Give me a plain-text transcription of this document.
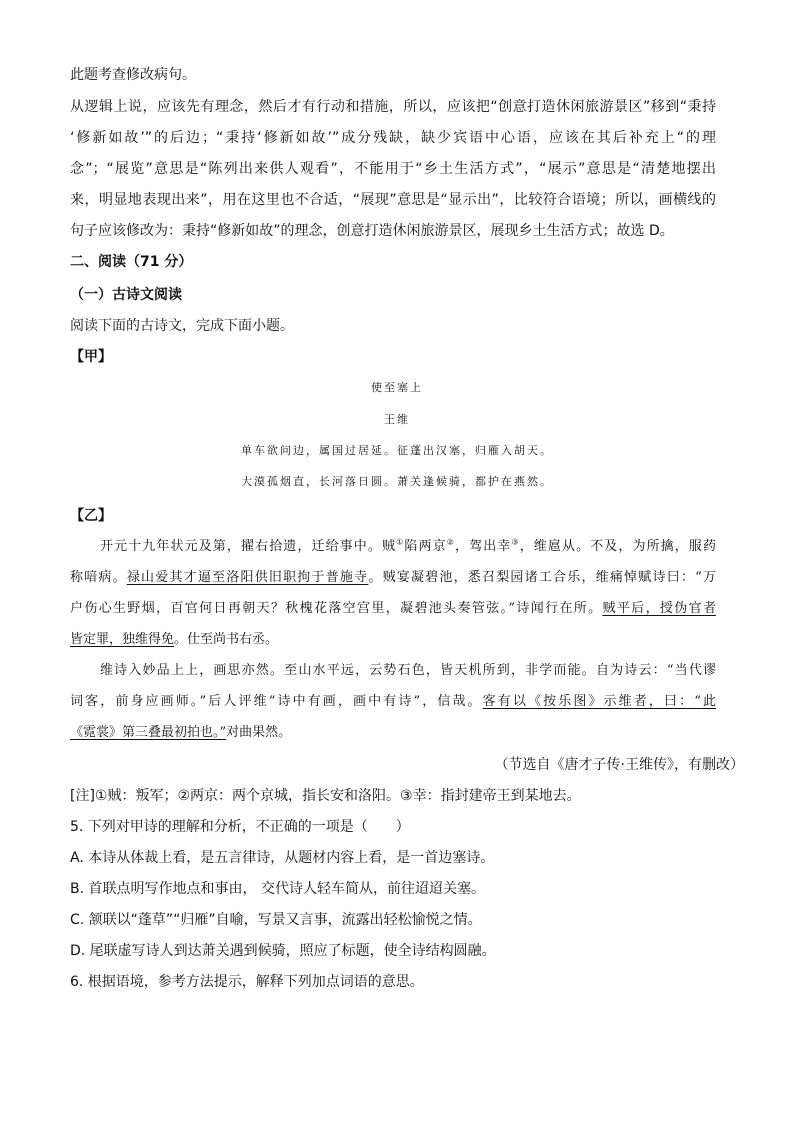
此题考查修改病句。
从逻辑上说，应该先有理念，然后才有行动和措施，所以，应该把“创意打造休闲旅游景区”移到“秉持
‘修新如故’”的后边；“秉持‘修新如故’”成分残缺，缺少宾语中心语，应该在其后补充上“的理
念”；“展览”意思是“陈列出来供人观看”，不能用于“乡土生活方式”，“展示”意思是“清楚地摆出
来，明显地表现出来”，用在这里也不合适，“展现”意思是“显示出”，比较符合语境；所以，画横线的
句子应该修改为：秉持“修新如故”的理念，创意打造休闲旅游景区，展现乡土生活方式；故选 D。
二、阅读（71 分）
（一）古诗文阅读
阅读下面的古诗文，完成下面小题。
【甲】
使至塞上
王维
单车欲问边，属国过居延。征蓬出汉塞，归雁入胡天。
大漠孤烟直，长河落日圆。萧关逢候骑，都护在燕然。
【乙】
开元十九年状元及第，擢右拾遗，迁给事中。贼①陷两京②，驾出幸③，维扈从。不及，为所擒，服药
称喑病。禄山爱其才逼至洛阳供旧职拘于普施寺。贼宴凝碧池，悉召梨园诸工合乐，维痛悼赋诗曰：“万
户伤心生野烟，百官何日再朝天？秋槐花落空宫里，凝碧池头奏管弦。”诗闻行在所。贼平后，授伪官者
皆定罪，独维得免。仕至尚书右丞。
维诗入妙品上上，画思亦然。至山水平远，云势石色，皆天机所到，非学而能。自为诗云：“当代谬
词客，前身应画师。”后人评维“诗中有画，画中有诗”，信哉。客有以《按乐图》示维者，曰：“此
《霓裳》第三叠最初拍也。”对曲果然。
（节选自《唐才子传·王维传》，有删改）
[注]①贼：叛军；②两京：两个京城，指长安和洛阳。③幸：指封建帝王到某地去。
5. 下列对甲诗的理解和分析，不正确的一项是（　　）
A. 本诗从体裁上看，是五言律诗，从题材内容上看，是一首边塞诗。
B. 首联点明写作地点和事由， 交代诗人轻车简从，前往迢迢关塞。
C. 颔联以“蓬草”“归雁”自喻，写景又言事，流露出轻松愉悦之情。
D. 尾联虚写诗人到达萧关遇到候骑，照应了标题，使全诗结构圆融。
6. 根据语境，参考方法提示，解释下列加点词语的意思。
